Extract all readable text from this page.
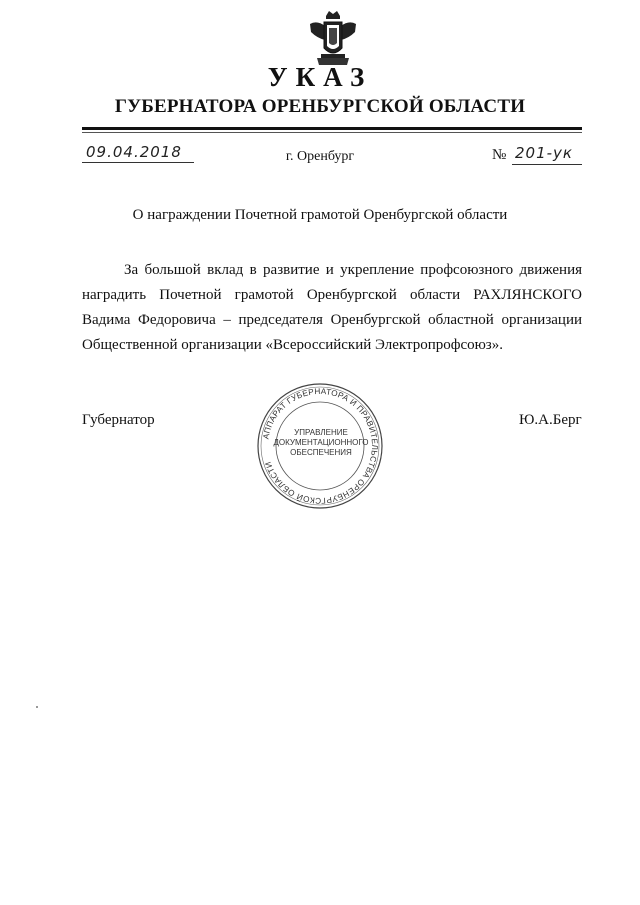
УКАЗ
ГУБЕРНАТОРА ОРЕНБУРГСКОЙ ОБЛАСТИ
09.04.2018	г. Оренбург	№ 201-ук
О награждении Почетной грамотой Оренбургской области
За большой вклад в развитие и укрепление профсоюзного движения наградить Почетной грамотой Оренбургской области РАХЛЯНСКОГО Вадима Федоровича – председателя Оренбургской областной организации Общественной организации «Всероссийский Электропрофсоюз».
Губернатор
АППАРАТ ГУБЕРНАТОРА И ПРАВИТЕЛЬСТВА ОРЕНБУРГСКОЙ ОБЛАСТИ
УПРАВЛЕНИЕ
ДОКУМЕНТАЦИОННОГО
ОБЕСПЕЧЕНИЯ
Ю.А.Берг
